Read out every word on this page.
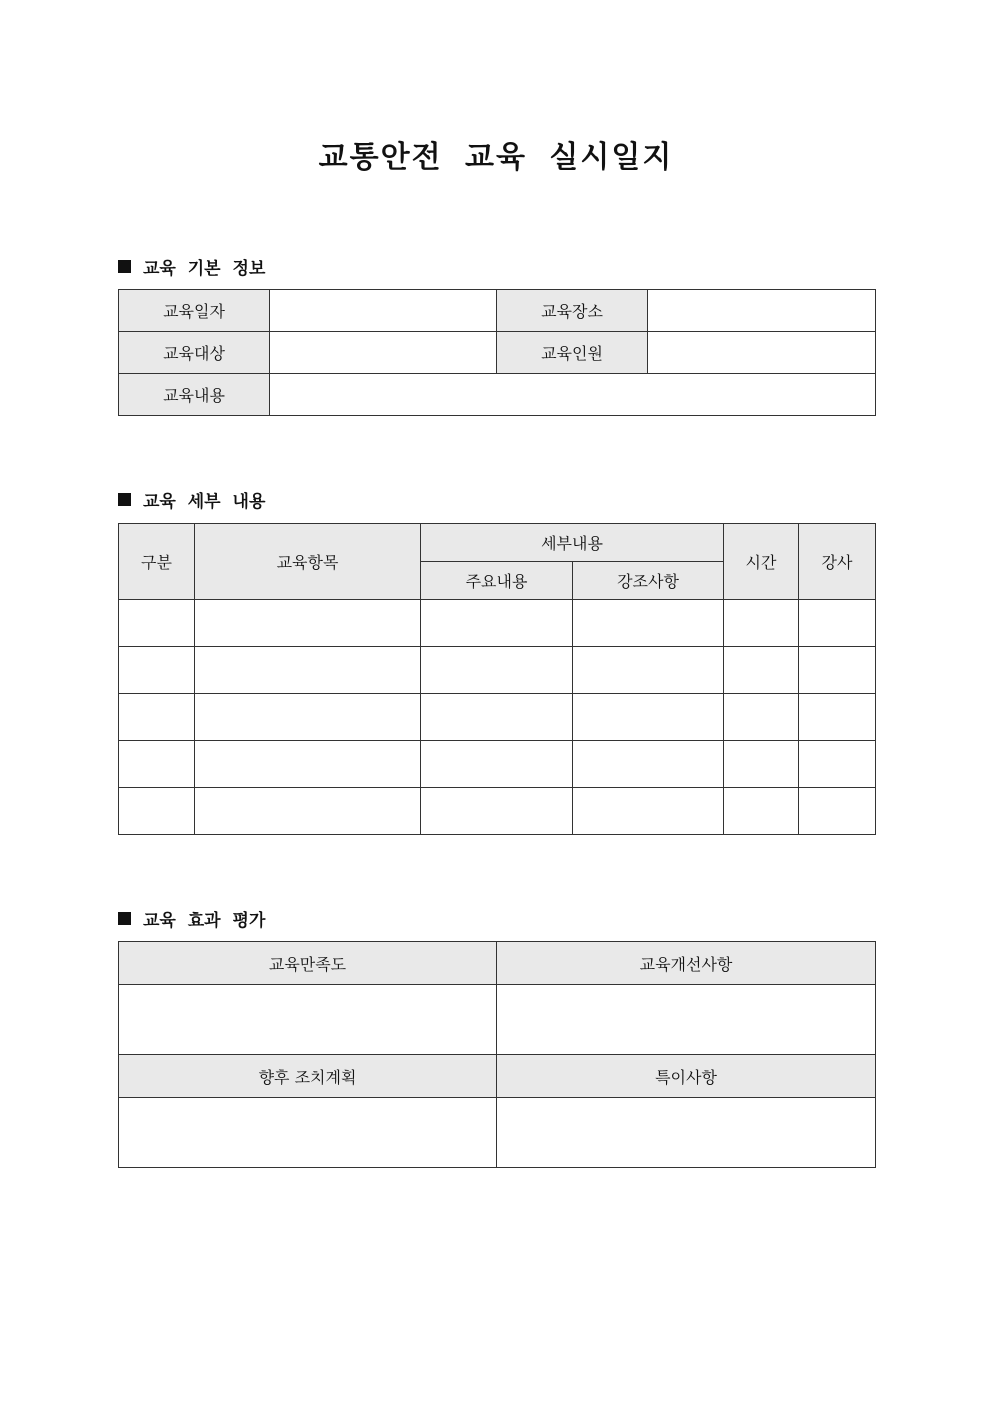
교통안전 교육 실시일지
교육 기본 정보
교육일자		교육장소	
교육대상		교육인원	
교육내용			
교육 세부 내용
구분	교육항목	세부내용		시간	강사
		주요내용	강조사항		

교육 효과 평가
교육만족도	교육개선사항

향후 조치계획	특이사항
